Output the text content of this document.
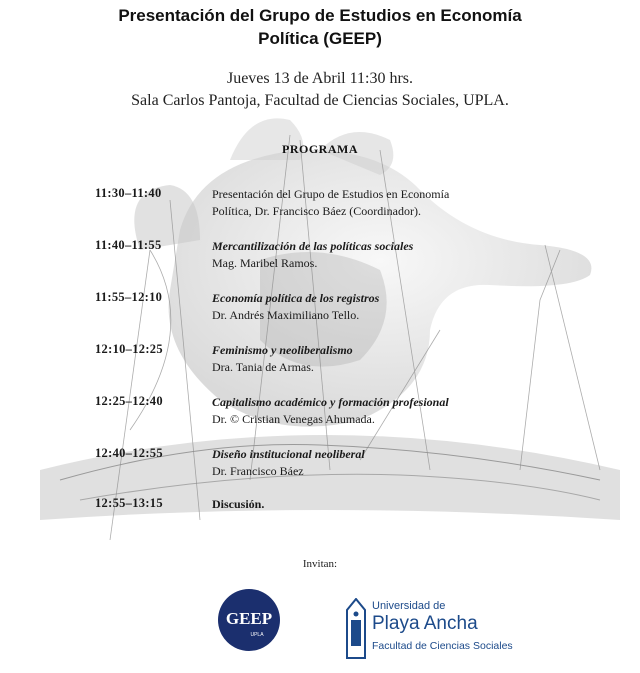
Presentación del Grupo de Estudios en Economía
Política (GEEP)
Jueves 13 de Abril 11:30 hrs.
Sala Carlos Pantoja, Facultad de Ciencias Sociales, UPLA.
PROGRAMA
11:30–11:40	Presentación del Grupo de Estudios en Economía
Política, Dr. Francisco Báez (Coordinador).
11:40–11:55	Mercantilización de las políticas sociales
Mag. Maribel Ramos.
11:55–12:10	Economía política de los registros
Dr. Andrés Maximiliano Tello.
12:10–12:25	Feminismo y neoliberalismo
Dra. Tania de Armas.
12:25–12:40	Capitalismo académico y formación profesional
Dr. © Cristian Venegas Ahumada.
12:40–12:55	Diseño institucional neoliberal
Dr. Francisco Báez
12:55–13:15	Discusión.
Invitan:
GEEP
UPLA
Universidad de
Playa Ancha
Facultad de Ciencias Sociales
